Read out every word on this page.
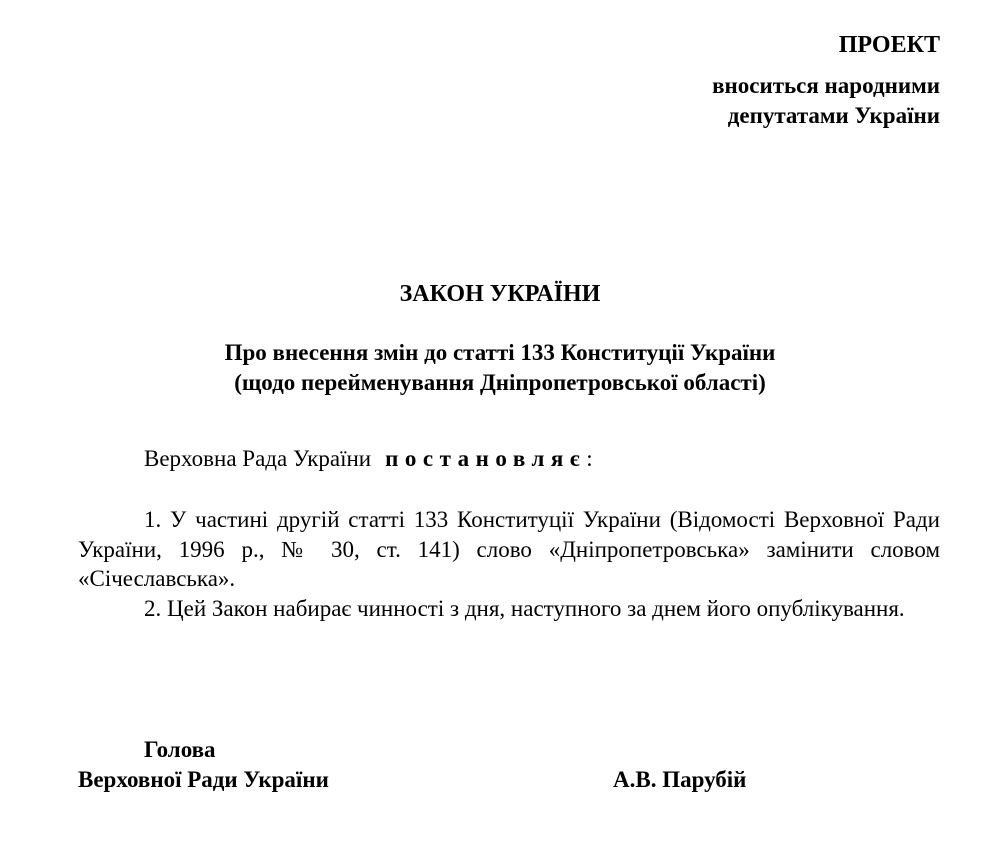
ПРОЕКТ
вноситься народними
депутатами України
ЗАКОН УКРАЇНИ
Про внесення змін до статті 133 Конституції України
(щодо перейменування Дніпропетровської області)
Верховна Рада України постановляє:

1. У частині другій статті 133 Конституції України (Відомості Верховної Ради України, 1996 р., № 30, ст. 141) слово «Дніпропетровська» замінити словом «Січеславська».

2. Цей Закон набирає чинності з дня, наступного за днем його опублікування.

Голова
Верховної Ради України	А.В. Парубій
